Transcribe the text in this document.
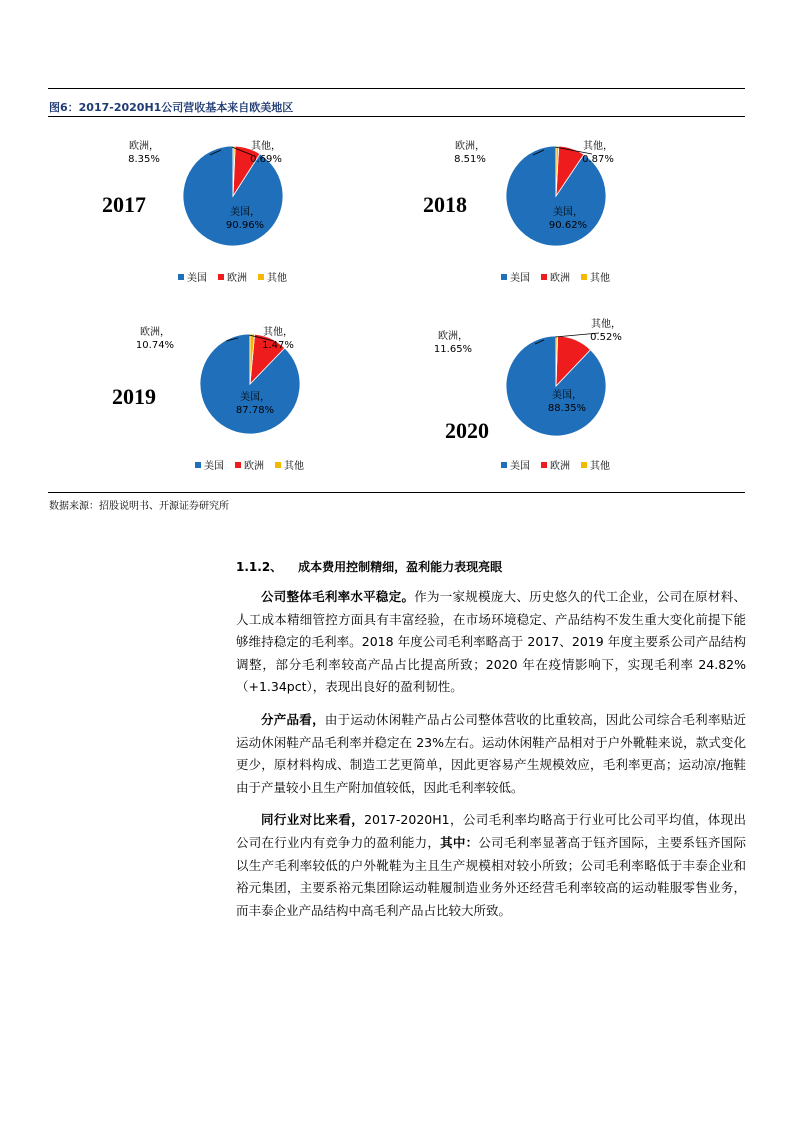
图6：2017-2020H1公司营收基本来自欧美地区
美国， 90.96%
欧洲， 8.35%
其他， 0.69%
2017
美国 欧洲 其他
美国， 90.62%
欧洲， 8.51%
其他， 0.87%
2018
美国 欧洲 其他
美国， 87.78%
欧洲， 10.74%
其他， 1.47%
2019
美国 欧洲 其他
美国， 88.35%
欧洲， 11.65%
其他， 0.52%
2020
美国 欧洲 其他
数据来源：招股说明书、开源证券研究所
1.1.2、 成本费用控制精细，盈利能力表现亮眼

公司整体毛利率水平稳定。作为一家规模庞大、历史悠久的代工企业，公司在原材料、人工成本精细管控方面具有丰富经验，在市场环境稳定、产品结构不发生重大变化前提下能够维持稳定的毛利率。2018 年度公司毛利率略高于 2017、2019 年度主要系公司产品结构调整，部分毛利率较高产品占比提高所致；2020 年在疫情影响下，实现毛利率 24.82%（+1.34pct），表现出良好的盈利韧性。

分产品看，由于运动休闲鞋产品占公司整体营收的比重较高，因此公司综合毛利率贴近运动休闲鞋产品毛利率并稳定在 23%左右。运动休闲鞋产品相对于户外靴鞋来说，款式变化更少，原材料构成、制造工艺更简单，因此更容易产生规模效应，毛利率更高；运动凉/拖鞋由于产量较小且生产附加值较低，因此毛利率较低。

同行业对比来看，2017-2020H1，公司毛利率均略高于行业可比公司平均值，体现出公司在行业内有竞争力的盈利能力，其中：公司毛利率显著高于钰齐国际，主要系钰齐国际以生产毛利率较低的户外靴鞋为主且生产规模相对较小所致；公司毛利率略低于丰泰企业和裕元集团，主要系裕元集团除运动鞋履制造业务外还经营毛利率较高的运动鞋服零售业务，而丰泰企业产品结构中高毛利产品占比较大所致。
